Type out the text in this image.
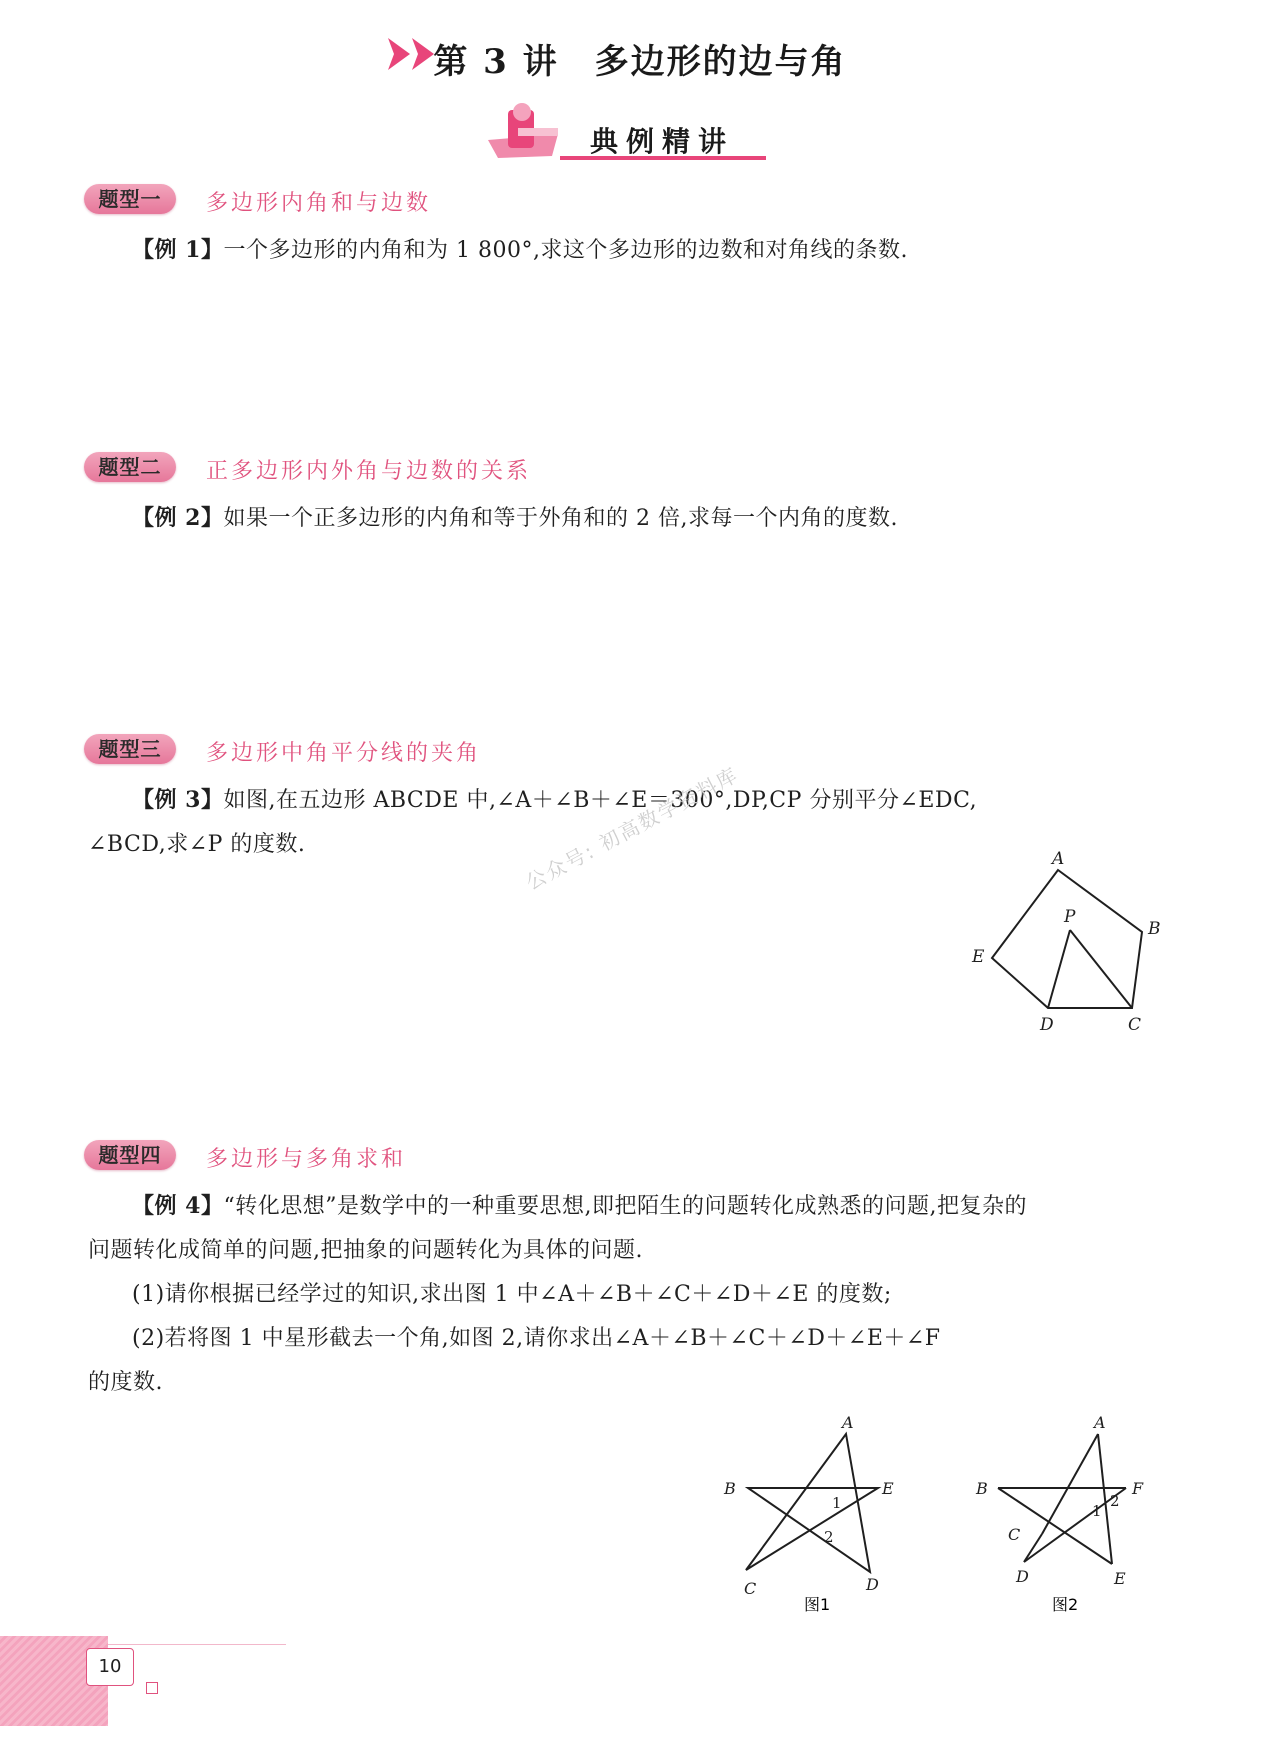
第 3 讲 多边形的边与角
典例精讲
题型一	多边形内角和与边数
【例 1】一个多边形的内角和为 1 800°,求这个多边形的边数和对角线的条数.
题型二	正多边形内外角与边数的关系
【例 2】如果一个正多边形的内角和等于外角和的 2 倍,求每一个内角的度数.
题型三	多边形中角平分线的夹角
【例 3】如图,在五边形 ABCDE 中,∠A＋∠B＋∠E＝300°,DP,CP 分别平分∠EDC,
∠BCD,求∠P 的度数.	公众号: 初高数学资料库	A
B
C
D
E
P
题型四	多边形与多角求和
【例 4】“转化思想”是数学中的一种重要思想,即把陌生的问题转化成熟悉的问题,把复杂的
问题转化成简单的问题,把抽象的问题转化为具体的问题.
(1)请你根据已经学过的知识,求出图 1 中∠A＋∠B＋∠C＋∠D＋∠E 的度数;
(2)若将图 1 中星形截去一个角,如图 2,请你求出∠A＋∠B＋∠C＋∠D＋∠E＋∠F
的度数.
A
B
C	D
E
1
2
图1
A
B
C
D	E
F
1
2
图2
10
